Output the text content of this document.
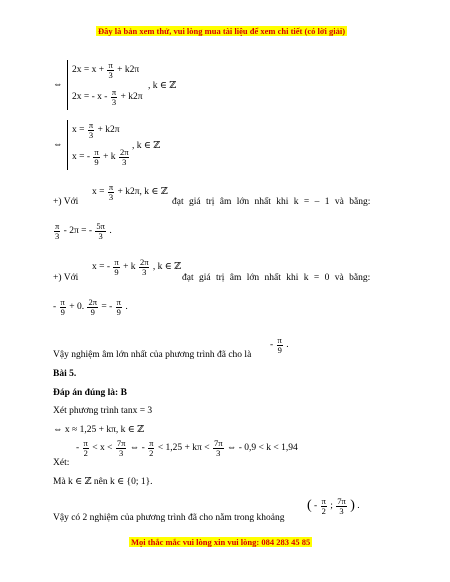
Đây là bản xem thử, vui lòng mua tài liệu để xem chi tiết (có lời giải)
⇔
$2x = x + \frac{\pi}{3} + k2\pi$
2x = - $x - \frac{\pi}{3} + k2\pi$
, k ∈ ℤ
⇔
$x = \frac{\pi}{3} + k2\pi$
x = - $\frac{\pi}{9} + k \frac{2\pi}{3}$
, k ∈ ℤ
+) Với
$x = \frac{\pi}{3} + k2\pi$, k ∈ ℤ
đạt giá trị âm lớn nhất khi k = – 1 và bằng:
$\frac{\pi}{3} - 2\pi$ = - $\frac{5\pi}{3}$ .
+) Với
x = - $\frac{\pi}{9} + k \frac{2\pi}{3}$ , k ∈ ℤ
đạt giá trị âm lớn nhất khi k = 0 và bằng:
- $\frac{\pi}{9} + 0$. $\frac{2\pi}{9}$ = - $\frac{\pi}{9}$ .
Vậy nghiệm âm lớn nhất của phương trình đã cho là
- $\frac{\pi}{9}$ .
Bài 5.
Đáp án đúng là: B
Xét phương trình tanx = 3
⇔ x ≈ 1,25 + kπ, k ∈ ℤ
- $\frac{\pi}{2} < x < \frac{7\pi}{3}$ ⇔ - $\frac{\pi}{2} < 1,25 + k\pi < \frac{7\pi}{3}$ ⇔ - 0,9 < k < 1,94
Xét:
Mà k ∈ ℤ nên k ∈ {0; 1}.
Vậy có 2 nghiệm của phương trình đã cho nằm trong khoảng
( - $\frac{\pi}{2}$ ; $\frac{7\pi}{3}$ ) .
Mọi thắc mắc vui lòng xin vui lòng: 084 283 45 85
